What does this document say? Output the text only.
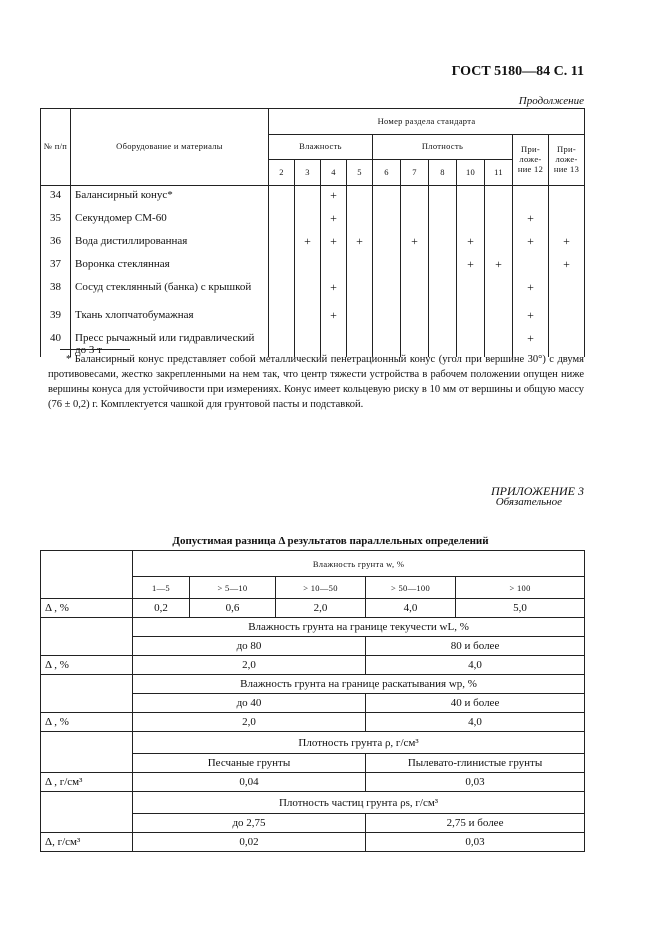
ГОСТ 5180—84 С. 11
Продолжение
№ п/п	Оборудование и материалы	Номер раздела стандарта										
		Влажность				Плотность					При-ложе-ние 12	При-ложе-ние 13
		2	3	4	5	6	7	8	10	11		
34	Балансирный конус*			+								
35	Секундомер СМ-60			+							+	
36	Вода дистиллированная		+	+	+		+		+		+	+
37	Воронка стеклянная								+	+		+
38	Сосуд стеклянный (банка) с крышкой			+							+	
39	Ткань хлопчатобумажная			+							+	
40	Пресс рычажный или гидравлический до 3 т										+	
* Балансирный конус представляет собой металлический пенетрационный конус (угол при вершине 30°) с двумя противовесами, жестко закрепленными на нем так, что центр тяжести устройства в рабочем положении опущен ниже вершины конуса для устойчивости при измерениях. Конус имеет кольцевую риску в 10 мм от вершины и общую массу (76 ± 0,2) г. Комплектуется чашкой для грунтовой пасты и подставкой.
ПРИЛОЖЕНИЕ 3
Обязательное
Допустимая разница Δ результатов параллельных определений
	Влажность грунта w, %				
	1—5	> 5—10	> 10—50	> 50—100	> 100
Δ , %	0,2	0,6	2,0	4,0	5,0
	Влажность грунта на границе текучести wL, %				
	до 80			80 и более	
Δ , %	2,0			4,0	
	Влажность грунта на границе раскатывания wp, %				
	до 40			40 и более	
Δ , %	2,0			4,0	
	Плотность грунта ρ, г/см³				
	Песчаные грунты			Пылевато-глинистые грунты	
Δ , г/см³	0,04			0,03	
	Плотность частиц грунта ρs, г/см³				
	до 2,75			2,75 и более	
Δ, г/см³	0,02			0,03	
